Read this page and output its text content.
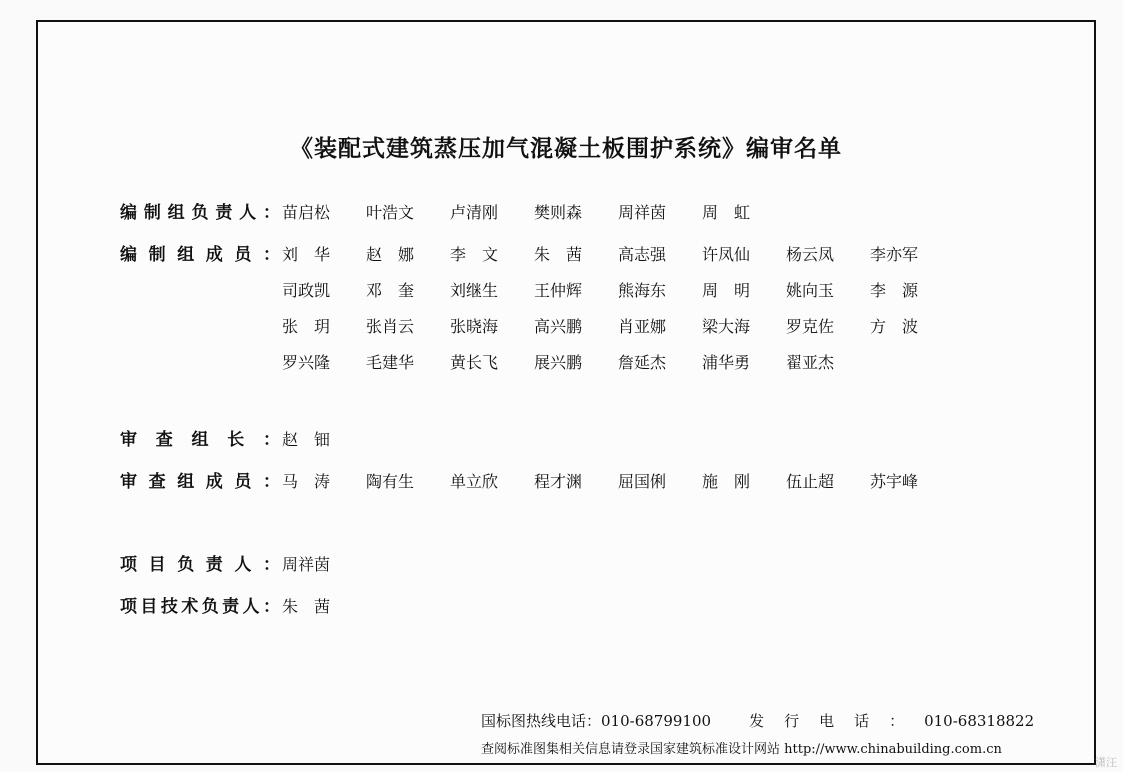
《装配式建筑蒸压加气混凝土板围护系统》编审名单
编 制 组 负 责 人 ： 苗启松	叶浩文	卢清刚	樊则森	周祥茵	周虹
编 制 组 成 员 ： 刘华	赵娜	李文	朱茜	高志强	许凤仙	杨云凤	李亦军
司政凯	邓奎	刘继生	王仲辉	熊海东	周明	姚向玉	李源
张玥	张肖云	张晓海	高兴鹏	肖亚娜	梁大海	罗克佐	方波
罗兴隆	毛建华	黄长飞	展兴鹏	詹延杰	浦华勇	翟亚杰
审 查 组 长 ： 赵钿
审 查 组 成 员 ： 马涛	陶有生	单立欣	程才渊	屈国俐	施刚	伍止超	苏宇峰
项 目 负 责 人 ： 周祥茵
项 目 技 术 负 责 人 ： 朱茜
国标图热线电话：010-68799100	发行电话：010-68318822
查阅标准图集相关信息请登录国家建筑标准设计网站 http://www.chinabuilding.com.cn
潇汪
